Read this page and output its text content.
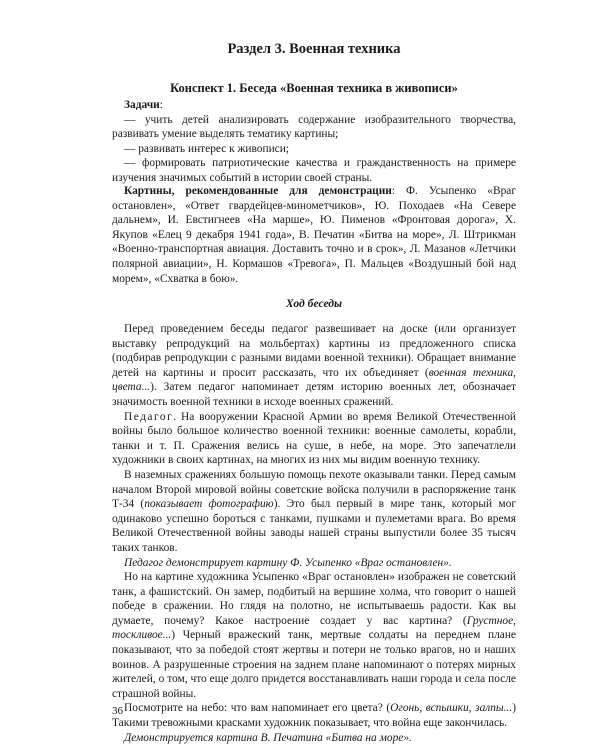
Раздел 3. Военная техника
Конспект 1. Беседа «Военная техника в живописи»

Задачи:

— учить детей анализировать содержание изобразительного творчества, развивать умение выделять тематику картины;

— развивать интерес к живописи;

— формировать патриотические качества и гражданственность на примере изучения значимых событий в истории своей страны.

Картины, рекомендованные для демонстрации: Ф. Усыпенко «Враг остановлен», «Ответ гвардейцев-минометчиков», Ю. Походаев «На Севере дальнем», И. Евстигнеев «На марше», Ю. Пименов «Фронтовая дорога», Х. Якупов «Елец 9 декабря 1941 года», В. Печатин «Битва на море», Л. Штрикман «Военно-транспортная авиация. Доставить точно и в срок», Л. Мазанов «Летчики полярной авиации», Н. Кормашов «Тревога», П. Мальцев «Воздушный бой над морем», «Схватка в бою».

Ход беседы

Перед проведением беседы педагог развешивает на доске (или организует выставку репродукций на мольбертах) картины из предложенного списка (подбирав репродукции с разными видами военной техники). Обращает внимание детей на картины и просит рассказать, что их объединяет (военная техника, цвета...). Затем педагог напоминает детям историю военных лет, обозначает значимость военной техники в исходе военных сражений.

Педагог. На вооружении Красной Армии во время Великой Отечественной войны было большое количество военной техники: военные самолеты, корабли, танки и т. П. Сражения велись на суше, в небе, на море. Это запечатлели художники в своих картинах, на многих из них мы видим военную технику.

В наземных сражениях большую помощь пехоте оказывали танки. Перед самым началом Второй мировой войны советские войска получили в распоряжение танк Т-34 (показывает фотографию). Это был первый в мире танк, который мог одинаково успешно бороться с танками, пушками и пулеметами врага. Во время Великой Отечественной войны заводы нашей страны выпустили более 35 тысяч таких танков.

Педагог демонстрирует картину Ф. Усыпенко «Враг остановлен».

Но на картине художника Усыпенко «Враг остановлен» изображен не советский танк, а фашистский. Он замер, подбитый на вершине холма, что говорит о нашей победе в сражении. Но глядя на полотно, не испытываешь радости. Как вы думаете, почему? Какое настроение создает у вас картина? (Грустное, тоскливое...) Черный вражеский танк, мертвые солдаты на переднем плане показывают, что за победой стоят жертвы и потери не только врагов, но и наших воинов. А разрушенные строения на заднем плане напоминают о потерях мирных жителей, о том, что еще долго придется восстанавливать наши города и села после страшной войны.

Посмотрите на небо: что вам напоминает его цвета? (Огонь, вспышки, залпы...) Такими тревожными красками художник показывает, что война еще закончилась.

Демонстрируется картина В. Печатина «Битва на море».

36
